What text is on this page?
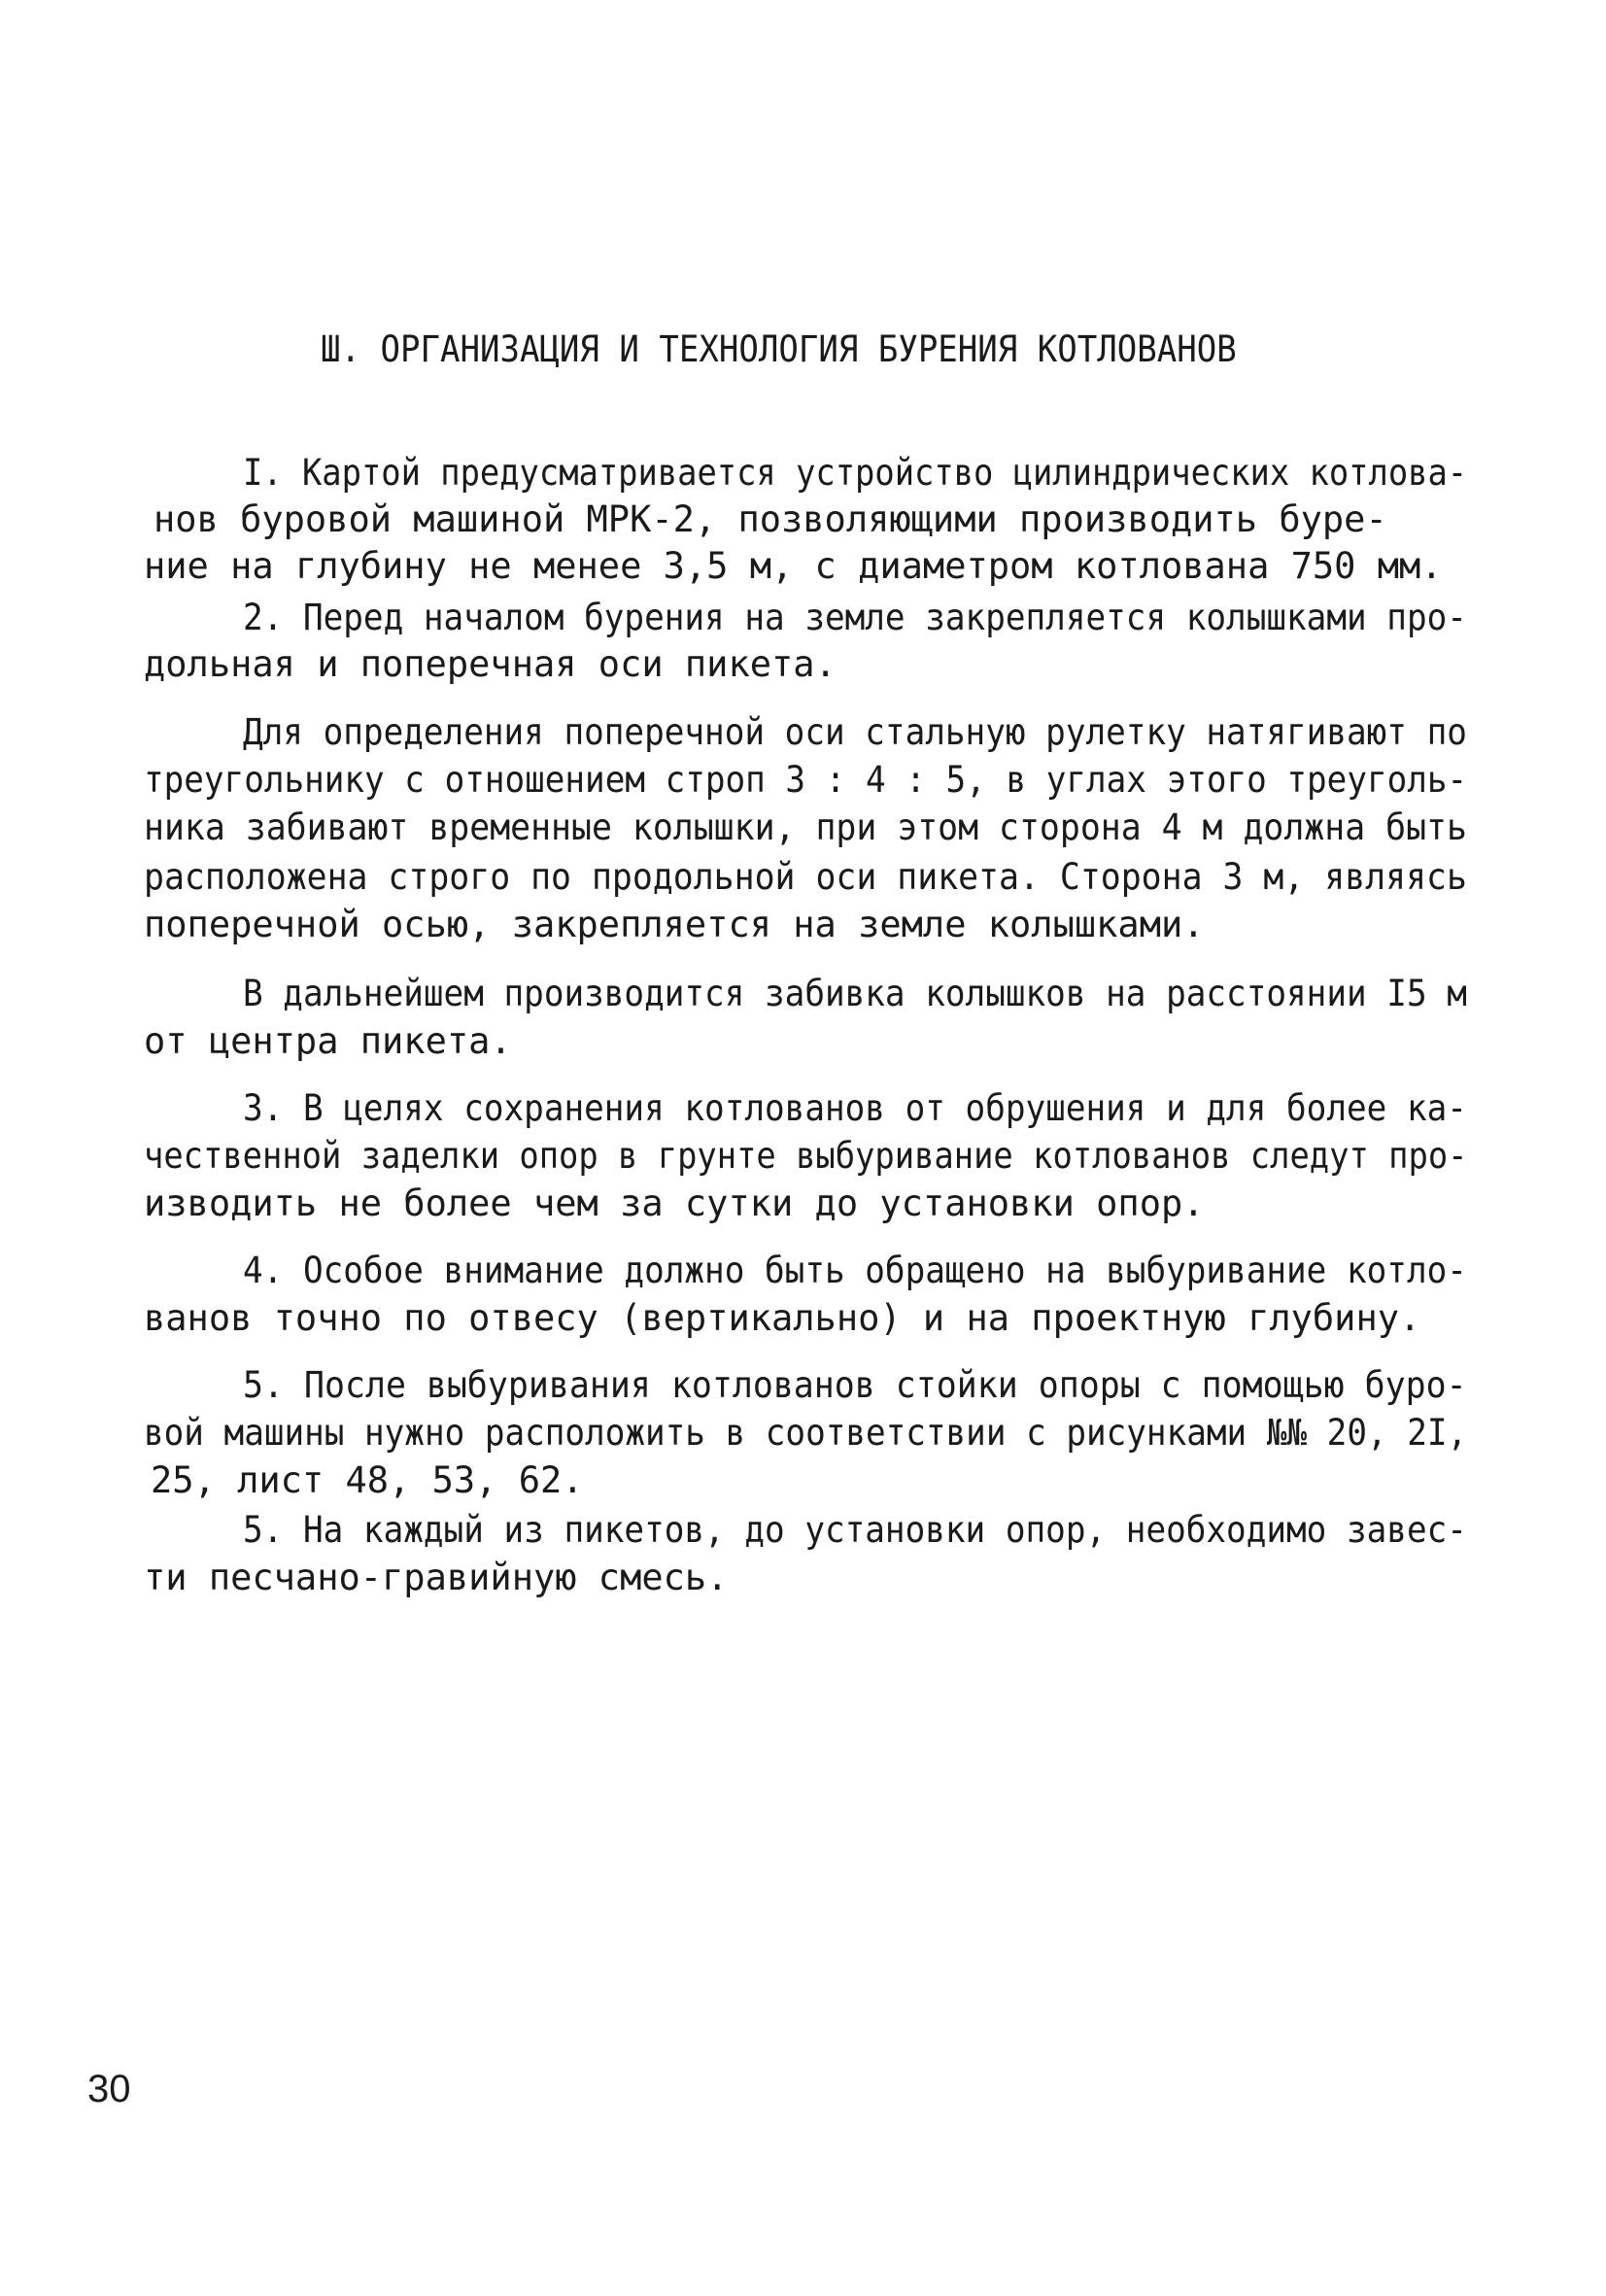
Ш. ОРГАНИЗАЦИЯ И ТЕХНОЛОГИЯ БУРЕНИЯ КОТЛОВАНОВ
I. Картой предусматривается устройство цилиндрических котлова-
нов буровой машиной МРК-2, позволяющими производить буре-
ние на глубину не менее 3,5 м, с диаметром котлована 750 мм.
2. Перед началом бурения на земле закрепляется колышками про-
дольная и поперечная оси пикета.
Для определения поперечной оси стальную рулетку натягивают по
треугольнику с отношением строп 3 : 4 : 5, в углах этого треуголь-
ника забивают временные колышки, при этом сторона 4 м должна быть
расположена строго по продольной оси пикета. Сторона 3 м, являясь
поперечной осью, закрепляется на земле колышками.
В дальнейшем производится забивка колышков на расстоянии I5 м
от центра пикета.
3. В целях сохранения котлованов от обрушения и для более ка-
чественной заделки опор в грунте выбуривание котлованов следут про-
изводить не более чем за сутки до установки опор.
4. Особое внимание должно быть обращено на выбуривание котло-
ванов точно по отвесу (вертикально) и на проектную глубину.
5. После выбуривания котлованов стойки опоры с помощью буро-
вой машины нужно расположить в соответствии с рисунками №№ 20, 2I,
25, лист 48, 53, 62.
5. На каждый из пикетов, до установки опор, необходимо завес-
ти песчано-гравийную смесь.
30
